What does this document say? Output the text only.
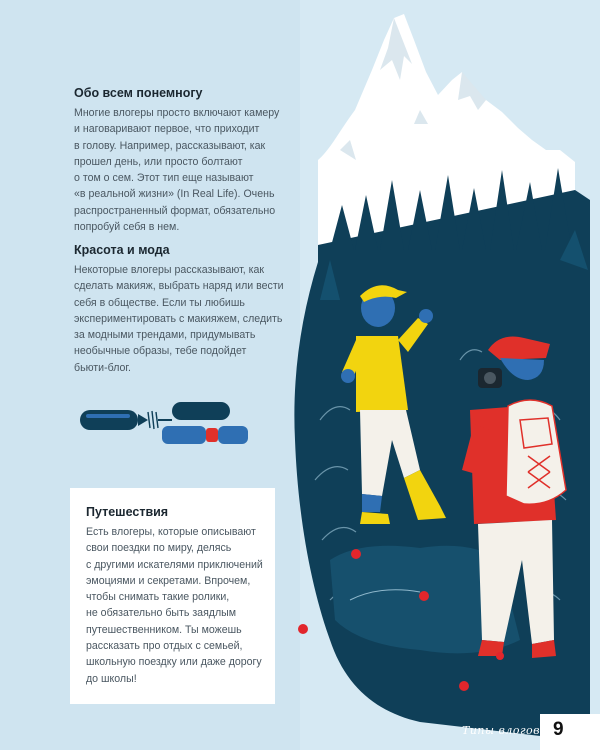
Обо всем понемногу
Многие влогеры просто включают камеру
и наговаривают первое, что приходит
в голову. Например, рассказывают, как
прошел день, или просто болтают
о том о сем. Этот тип еще называют
«в реальной жизни» (In Real Life). Очень
распространенный формат, обязательно
попробуй себя в нем.
Красота и мода
Некоторые влогеры рассказывают, как
сделать макияж, выбрать наряд или вести
себя в обществе. Если ты любишь
экспериментировать с макияжем, следить
за модными трендами, придумывать
необычные образы, тебе подойдет
бьюти-блог.
Путешествия
Есть влогеры, которые описывают
свои поездки по миру, делясь
с другими искателями приключений
эмоциями и секретами. Впрочем,
чтобы снимать такие ролики,
не обязательно быть заядлым
путешественником. Ты можешь
рассказать про отдых с семьей,
школьную поездку или даже дорогу
до школы!
Типы влогов 9
